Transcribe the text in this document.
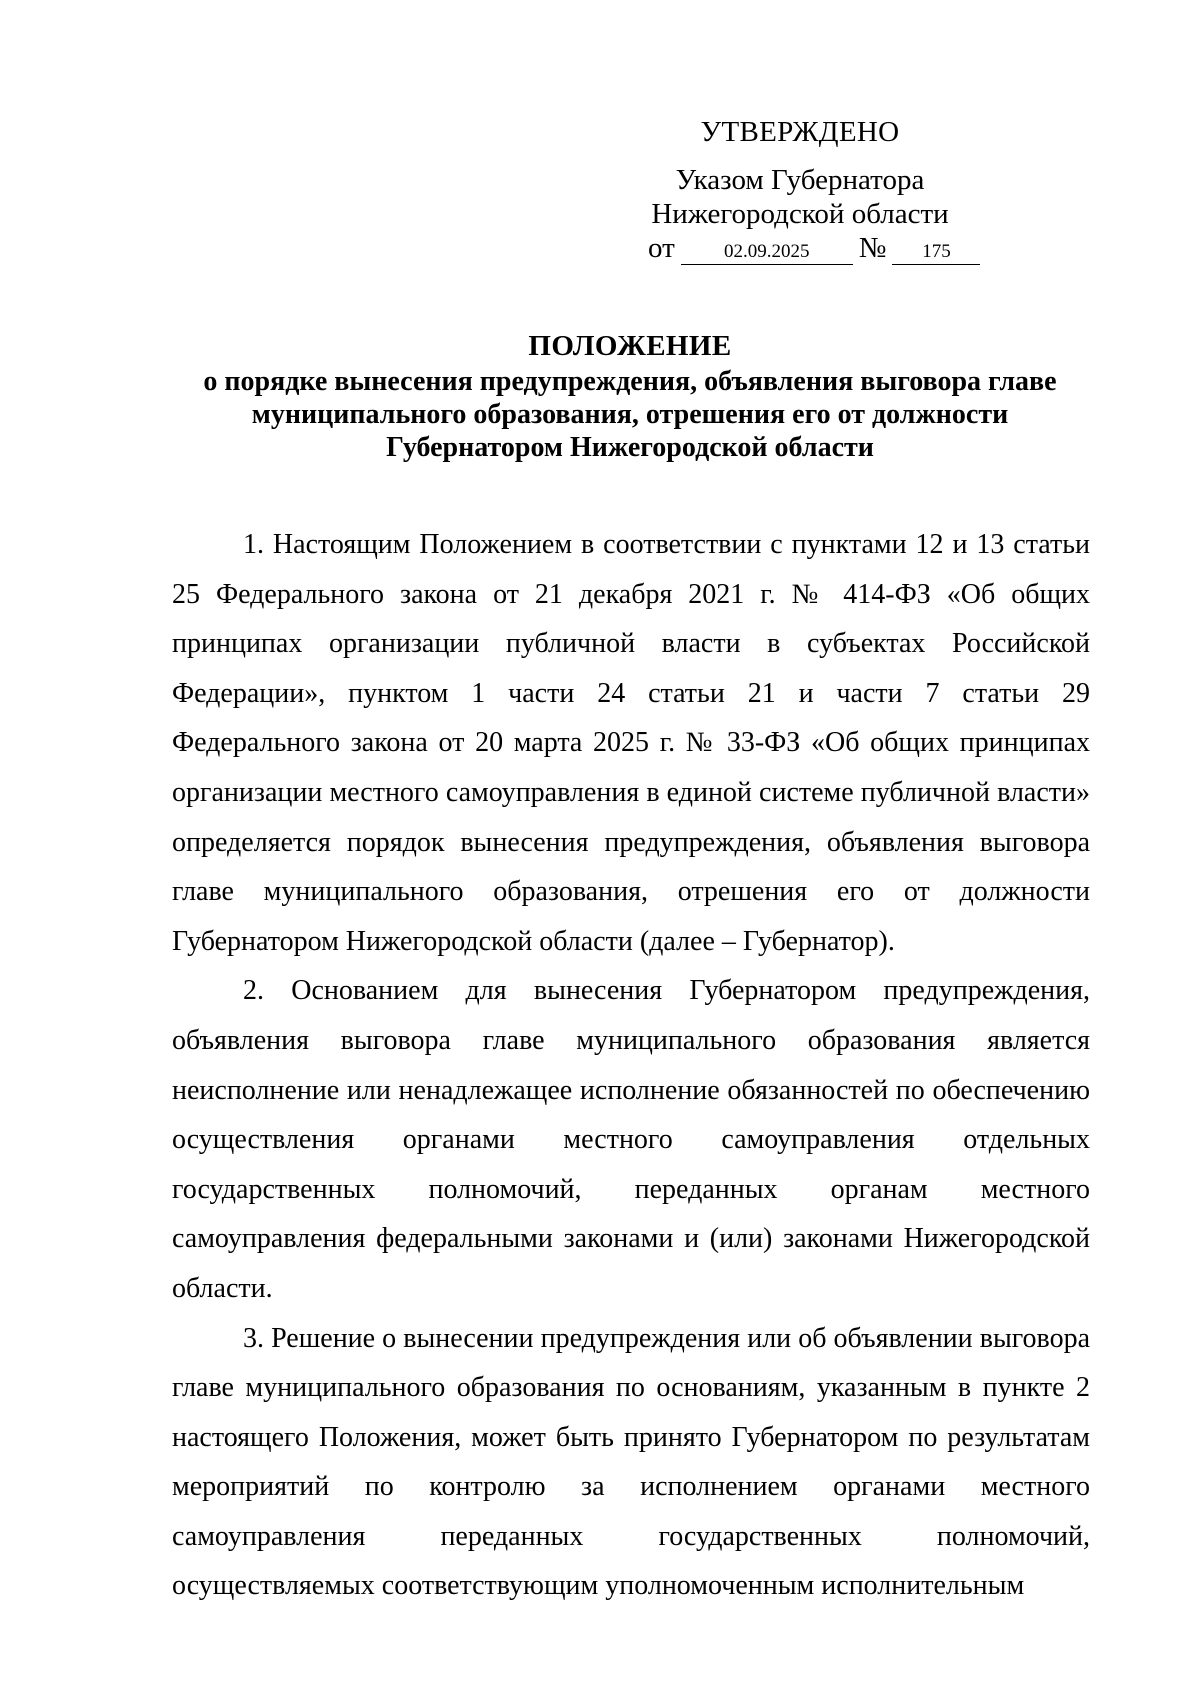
УТВЕРЖДЕНО
Указом Губернатора
Нижегородской области
от	02.09.2025 № 175
ПОЛОЖЕНИЕ
о порядке вынесения предупреждения, объявления выговора главе
муниципального образования, отрешения его от должности
Губернатором Нижегородской области

1. Настоящим Положением в соответствии с пунктами 12 и 13 статьи 25 Федерального закона от 21 декабря 2021 г. № 414-ФЗ «Об общих принципах организации публичной власти в субъектах Российской Федерации», пунктом 1 части 24 статьи 21 и части 7 статьи 29 Федерального закона от 20 марта 2025 г. № 33-ФЗ «Об общих принципах организации местного самоуправления в единой системе публичной власти» определяется порядок вынесения предупреждения, объявления выговора главе муниципального образования, отрешения его от должности Губернатором Нижегородской области (далее – Губернатор).

2. Основанием для вынесения Губернатором предупреждения, объявления выговора главе муниципального образования является неисполнение или ненадлежащее исполнение обязанностей по обеспечению осуществления органами местного самоуправления отдельных государственных полномочий, переданных органам местного самоуправления федеральными законами и (или) законами Нижегородской области.

3. Решение о вынесении предупреждения или об объявлении выговора главе муниципального образования по основаниям, указанным в пункте 2 настоящего Положения, может быть принято Губернатором по результатам мероприятий по контролю за исполнением органами местного самоуправления переданных государственных полномочий, осуществляемых соответствующим уполномоченным исполнительным
